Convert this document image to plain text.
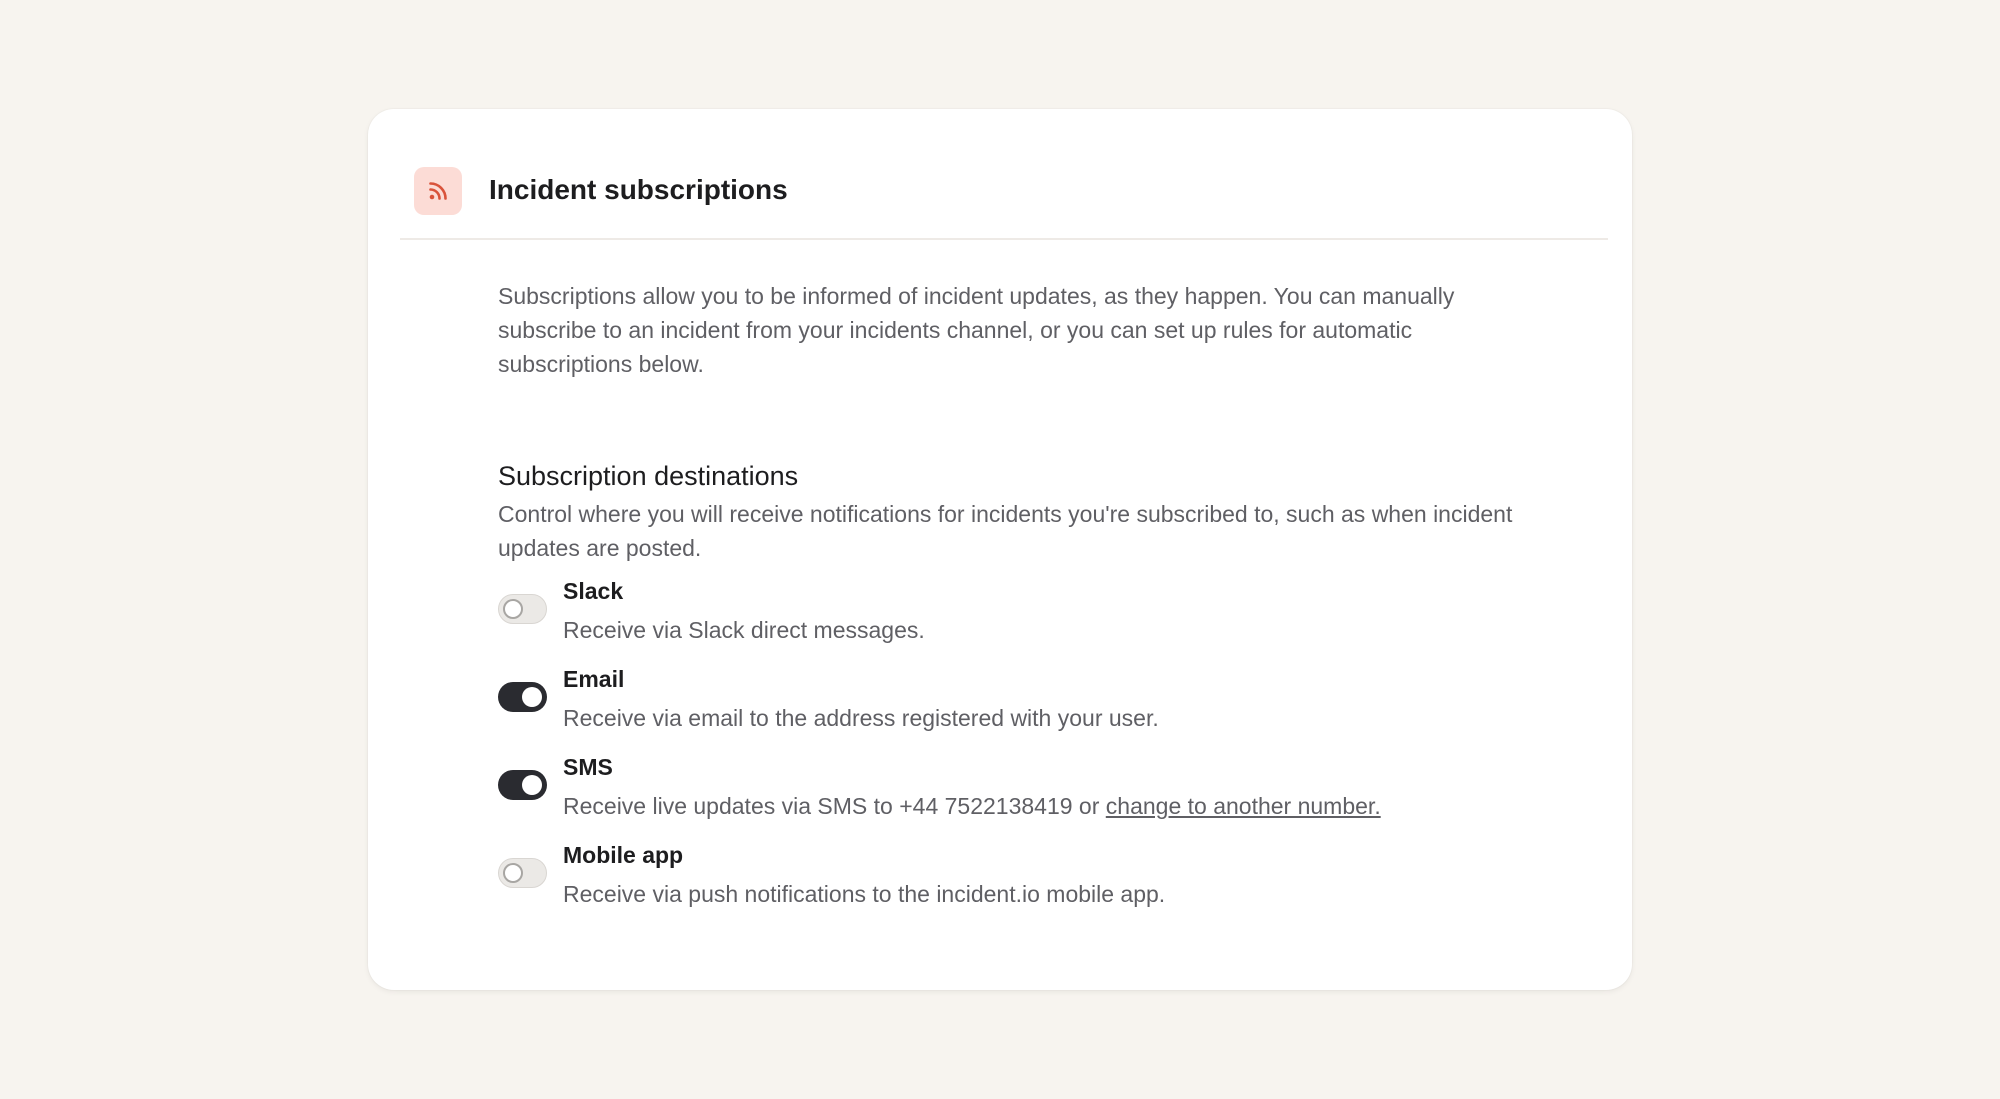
Incident subscriptions

Subscriptions allow you to be informed of incident updates, as they happen. You can manually subscribe to an incident from your incidents channel, or you can set up rules for automatic subscriptions below.

Subscription destinations

Control where you will receive notifications for incidents you're subscribed to, such as when incident updates are posted.

Slack
Receive via Slack direct messages.
Email
Receive via email to the address registered with your user.
SMS
Receive live updates via SMS to +44 7522138419 or change to another number.
Mobile app
Receive via push notifications to the incident.io mobile app.
